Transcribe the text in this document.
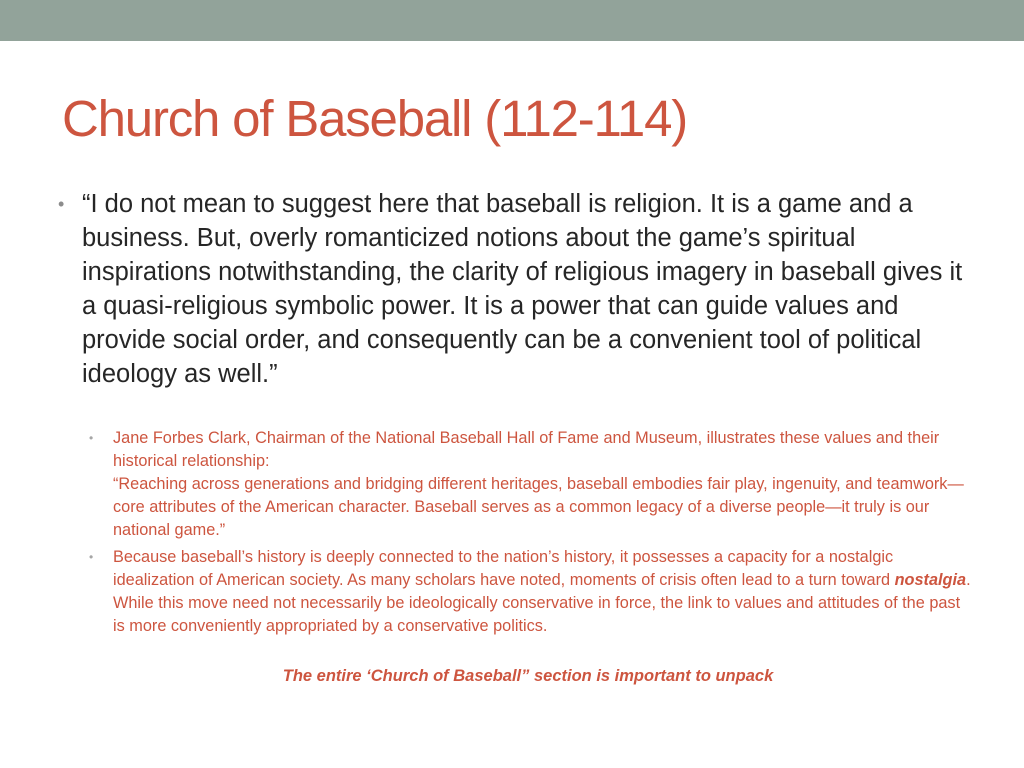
Church of Baseball (112-114)
• “I do not mean to suggest here that baseball is religion. It is a game and a business. But, overly romanticized notions about the game’s spiritual inspirations notwithstanding, the clarity of religious imagery in baseball gives it a quasi-religious symbolic power. It is a power that can guide values and provide social order, and consequently can be a convenient tool of political ideology as well.”
• Jane Forbes Clark, Chairman of the National Baseball Hall of Fame and Museum, illustrates these values and their historical relationship:
“Reaching across generations and bridging different heritages, baseball embodies fair play, ingenuity, and teamwork—core attributes of the American character. Baseball serves as a common legacy of a diverse people—it truly is our national game.”
• Because baseball’s history is deeply connected to the nation’s history, it possesses a capacity for a nostalgic idealization of American society. As many scholars have noted, moments of crisis often lead to a turn toward nostalgia. While this move need not necessarily be ideologically conservative in force, the link to values and attitudes of the past is more conveniently appropriated by a conservative politics.
The entire ‘Church of Baseball” section is important to unpack
